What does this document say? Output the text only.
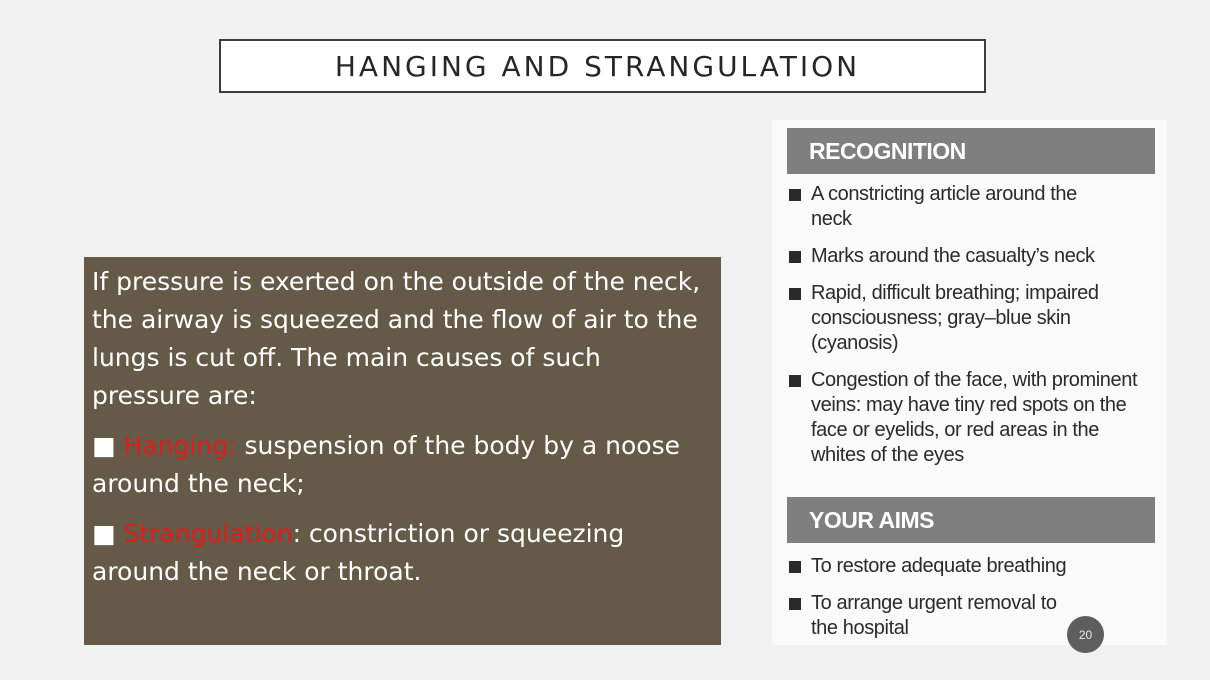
HANGING AND STRANGULATION

If pressure is exerted on the outside of the neck, the airway is squeezed and the flow of air to the lungs is cut off. The main causes of such pressure are:

■ Hanging: suspension of the body by a noose around the neck;

■ Strangulation: constriction or squeezing around the neck or throat.

RECOGNITION
A constricting article around the neck
Marks around the casualty’s neck
Rapid, difficult breathing; impaired consciousness; gray–blue skin (cyanosis)
Congestion of the face, with prominent veins: may have tiny red spots on the face or eyelids, or red areas in the whites of the eyes
YOUR AIMS
To restore adequate breathing
To arrange urgent removal to the hospital	20
